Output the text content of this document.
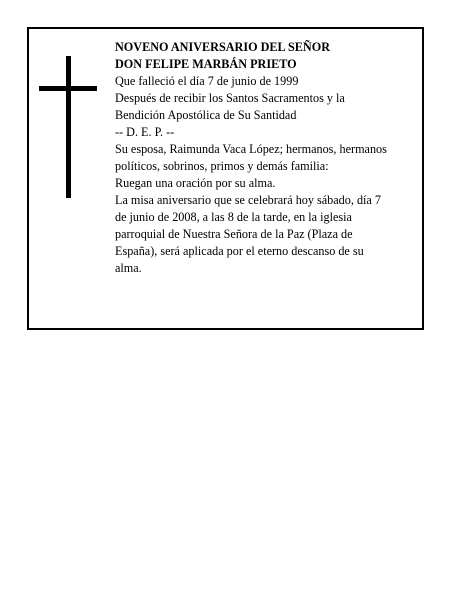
NOVENO ANIVERSARIO DEL SEÑOR
DON FELIPE MARBÁN PRIETO
Que falleció el día 7 de junio de 1999
Después de recibir los Santos Sacramentos y la
Bendición Apostólica de Su Santidad
-- D. E. P. --
Su esposa, Raimunda Vaca López; hermanos, hermanos
políticos, sobrinos, primos y demás familia:
Ruegan una oración por su alma.
La misa aniversario que se celebrará hoy sábado, día 7
de junio de 2008, a las 8 de la tarde, en la iglesia
parroquial de Nuestra Señora de la Paz (Plaza de
España), será aplicada por el eterno descanso de su
alma.
